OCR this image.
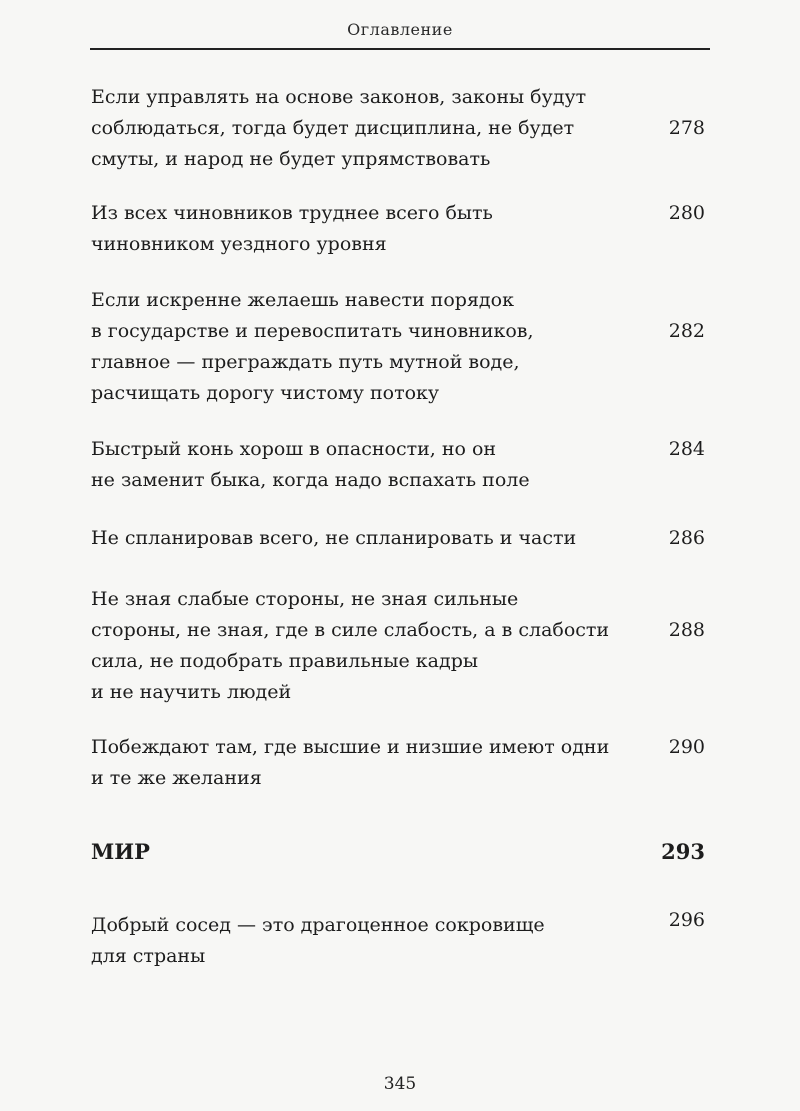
Оглавление
Если управлять на основе законов, законы будут
соблюдаться, тогда будет дисциплина, не будет
смуты, и народ не будет упрямствовать
278
Из всех чиновников труднее всего быть
чиновником уездного уровня
280
Если искренне желаешь навести порядок
в государстве и перевоспитать чиновников,
главное — преграждать путь мутной воде,
расчищать дорогу чистому потоку
282
Быстрый конь хорош в опасности, но он
не заменит быка, когда надо вспахать поле
284
Не спланировав всего, не спланировать и части	286
Не зная слабые стороны, не зная сильные
стороны, не зная, где в силе слабость, а в слабости
сила, не подобрать правильные кадры
и не научить людей
288
Побеждают там, где высшие и низшие имеют одни
и те же желания
290
МИР	293
Добрый сосед — это драгоценное сокровище
для страны
296
345
